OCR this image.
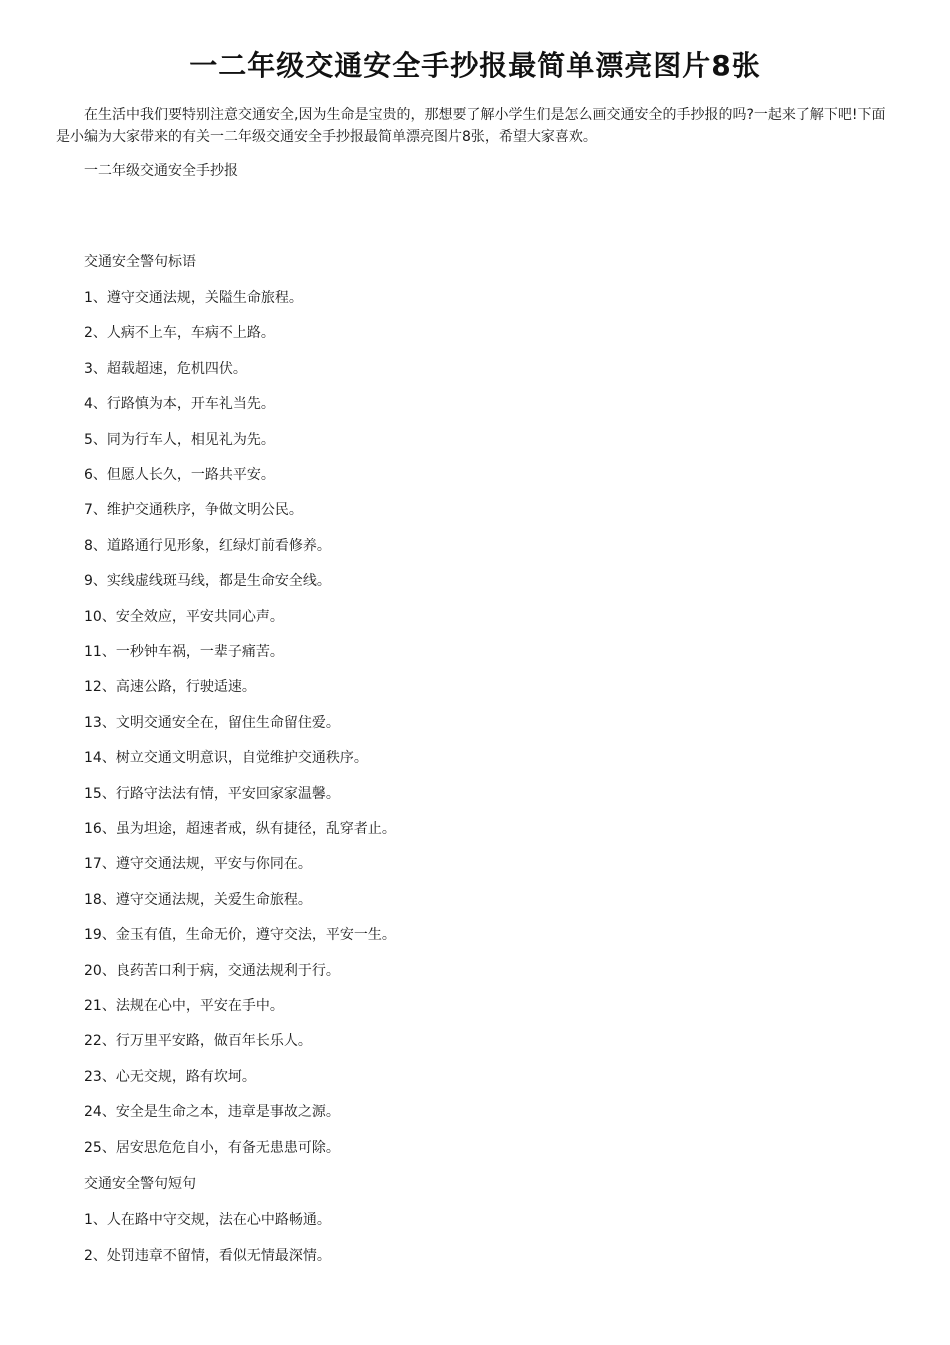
一二年级交通安全手抄报最简单漂亮图片8张

在生活中我们要特别注意交通安全,因为生命是宝贵的，那想要了解小学生们是怎么画交通安全的手抄报的吗?一起来了解下吧!下面是小编为大家带来的有关一二年级交通安全手抄报最简单漂亮图片8张，希望大家喜欢。

一二年级交通安全手抄报

交通安全警句标语

1、遵守交通法规，关隘生命旅程。

2、人病不上车，车病不上路。

3、超载超速，危机四伏。

4、行路慎为本，开车礼当先。

5、同为行车人，相见礼为先。

6、但愿人长久，一路共平安。

7、维护交通秩序，争做文明公民。

8、道路通行见形象，红绿灯前看修养。

9、实线虚线斑马线，都是生命安全线。

10、安全效应，平安共同心声。

11、一秒钟车祸，一辈子痛苦。

12、高速公路，行驶适速。

13、文明交通安全在，留住生命留住爱。

14、树立交通文明意识，自觉维护交通秩序。

15、行路守法法有情，平安回家家温馨。

16、虽为坦途，超速者戒，纵有捷径，乱穿者止。

17、遵守交通法规，平安与你同在。

18、遵守交通法规，关爱生命旅程。

19、金玉有值，生命无价，遵守交法，平安一生。

20、良药苦口利于病，交通法规利于行。

21、法规在心中，平安在手中。

22、行万里平安路，做百年长乐人。

23、心无交规，路有坎坷。

24、安全是生命之本，违章是事故之源。

25、居安思危危自小，有备无患患可除。

交通安全警句短句

1、人在路中守交规，法在心中路畅通。

2、处罚违章不留情，看似无情最深情。
